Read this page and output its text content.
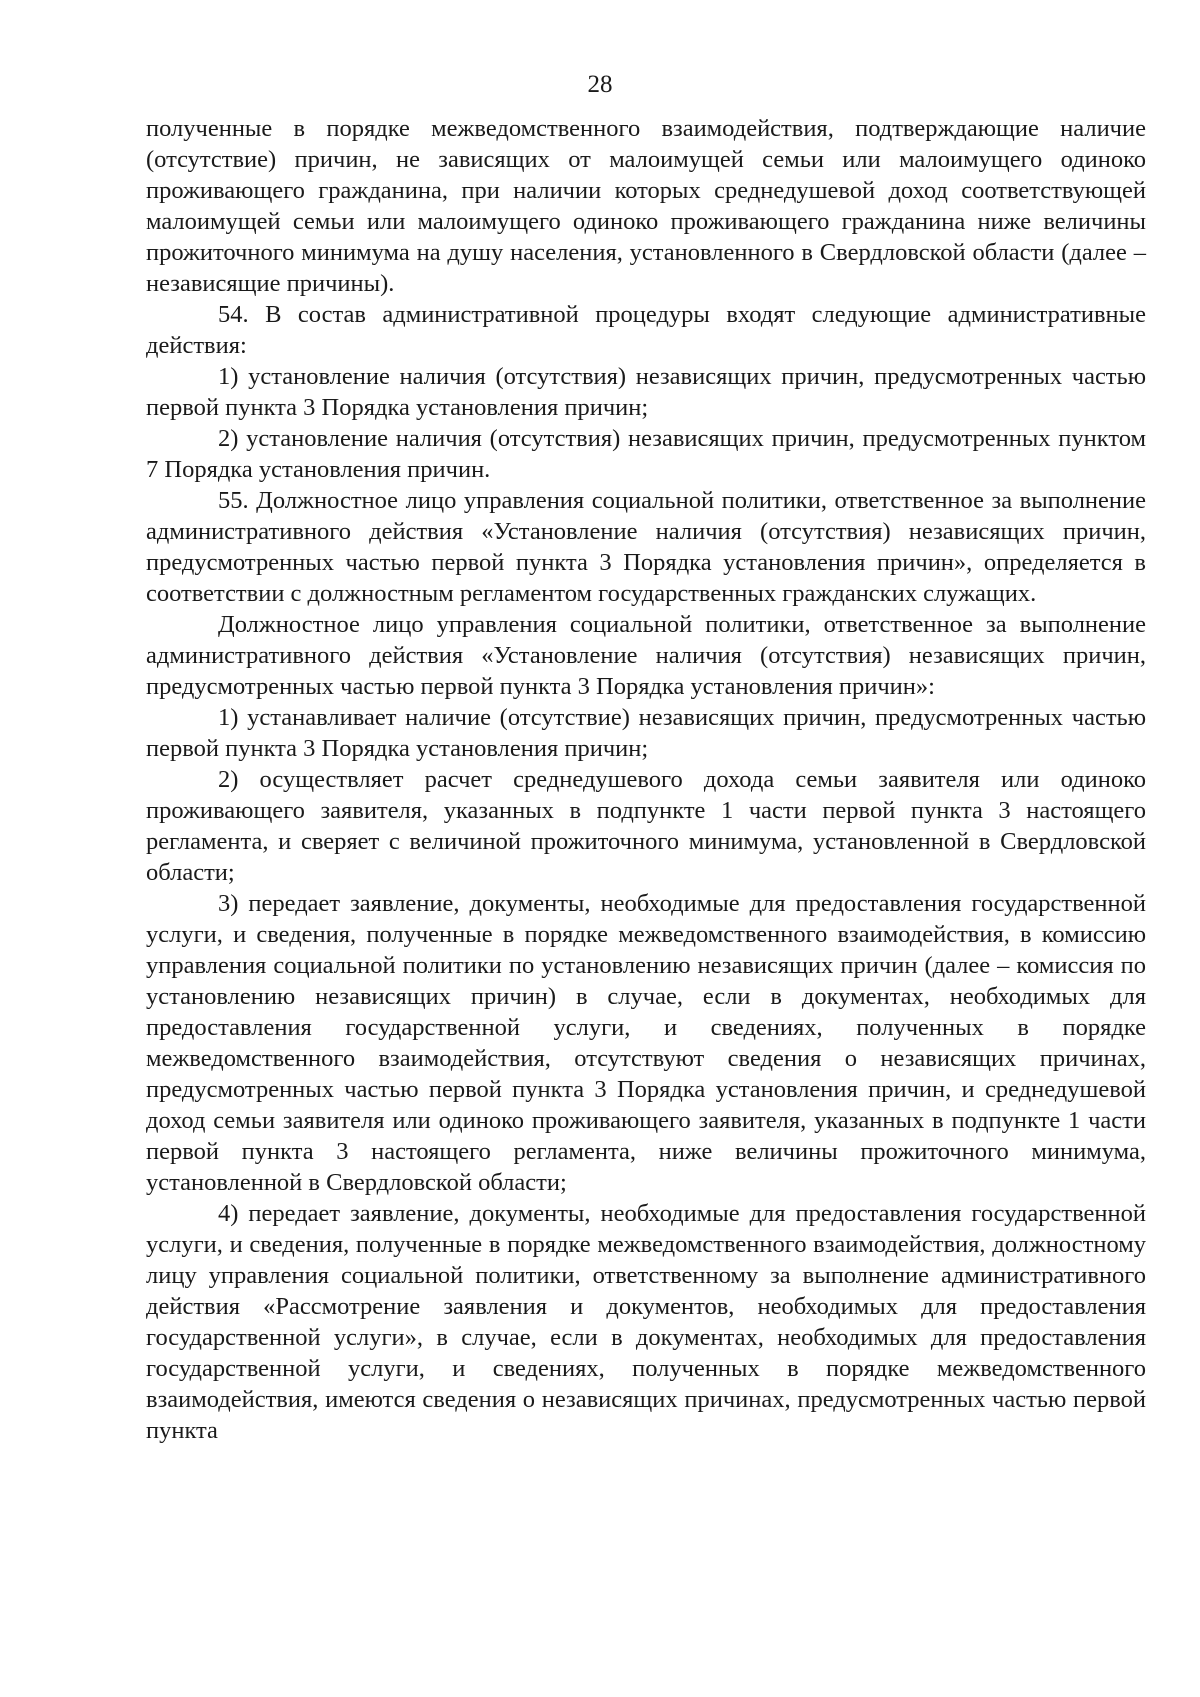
28

полученные в порядке межведомственного взаимодействия, подтверждающие наличие (отсутствие) причин, не зависящих от малоимущей семьи или малоимущего одиноко проживающего гражданина, при наличии которых среднедушевой доход соответствующей малоимущей семьи или малоимущего одиноко проживающего гражданина ниже величины прожиточного минимума на душу населения, установленного в Свердловской области (далее – независящие причины).

54. В состав административной процедуры входят следующие административные действия:

1) установление наличия (отсутствия) независящих причин, предусмотренных частью первой пункта 3 Порядка установления причин;

2) установление наличия (отсутствия) независящих причин, предусмотренных пунктом 7 Порядка установления причин.

55. Должностное лицо управления социальной политики, ответственное за выполнение административного действия «Установление наличия (отсутствия) независящих причин, предусмотренных частью первой пункта 3 Порядка установления причин», определяется в соответствии с должностным регламентом государственных гражданских служащих.

Должностное лицо управления социальной политики, ответственное за выполнение административного действия «Установление наличия (отсутствия) независящих причин, предусмотренных частью первой пункта 3 Порядка установления причин»:

1) устанавливает наличие (отсутствие) независящих причин, предусмотренных частью первой пункта 3 Порядка установления причин;

2) осуществляет расчет среднедушевого дохода семьи заявителя или одиноко проживающего заявителя, указанных в подпункте 1 части первой пункта 3 настоящего регламента, и сверяет с величиной прожиточного минимума, установленной в Свердловской области;

3) передает заявление, документы, необходимые для предоставления государственной услуги, и сведения, полученные в порядке межведомственного взаимодействия, в комиссию управления социальной политики по установлению независящих причин (далее – комиссия по установлению независящих причин) в случае, если в документах, необходимых для предоставления государственной услуги, и сведениях, полученных в порядке межведомственного взаимодействия, отсутствуют сведения о независящих причинах, предусмотренных частью первой пункта 3 Порядка установления причин, и среднедушевой доход семьи заявителя или одиноко проживающего заявителя, указанных в подпункте 1 части первой пункта 3 настоящего регламента, ниже величины прожиточного минимума, установленной в Свердловской области;

4) передает заявление, документы, необходимые для предоставления государственной услуги, и сведения, полученные в порядке межведомственного взаимодействия, должностному лицу управления социальной политики, ответственному за выполнение административного действия «Рассмотрение заявления и документов, необходимых для предоставления государственной услуги», в случае, если в документах, необходимых для предоставления государственной услуги, и сведениях, полученных в порядке межведомственного взаимодействия, имеются сведения о независящих причинах, предусмотренных частью первой пункта
